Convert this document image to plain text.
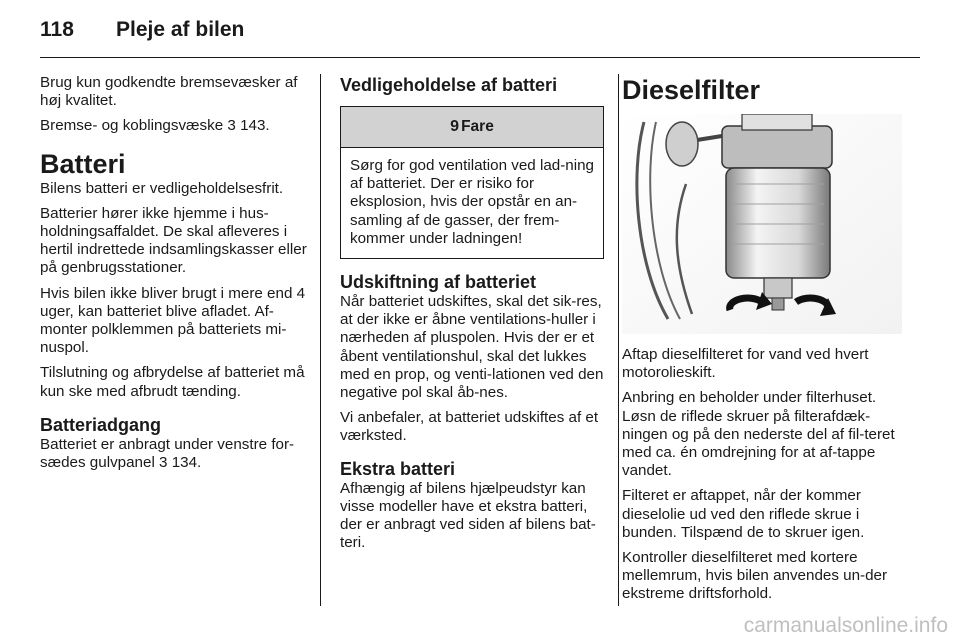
118 Pleje af bilen

Brug kun godkendte bremsevæsker af høj kvalitet.

Bremse- og koblingsvæske 3 143.

Batteri

Bilens batteri er vedligeholdelsesfrit.

Batterier hører ikke hjemme i hus-holdningsaffaldet. De skal afleveres i hertil indrettede indsamlingskasser eller på genbrugsstationer.

Hvis bilen ikke bliver brugt i mere end 4 uger, kan batteriet blive afladet. Af-monter polklemmen på batteriets mi-nuspol.

Tilslutning og afbrydelse af batteriet må kun ske med afbrudt tænding.

Batteriadgang

Batteriet er anbragt under venstre for-sædes gulvpanel 3 134.

Vedligeholdelse af batteri
9 Fare
Sørg for god ventilation ved lad-ning af batteriet. Der er risiko for eksplosion, hvis der opstår en an-samling af de gasser, der frem-kommer under ladningen!
Udskiftning af batteriet

Når batteriet udskiftes, skal det sik-res, at der ikke er åbne ventilations-huller i nærheden af pluspolen. Hvis der er et åbent ventilationshul, skal det lukkes med en prop, og venti-lationen ved den negative pol skal åb-nes.

Vi anbefaler, at batteriet udskiftes af et værksted.

Ekstra batteri

Afhængig af bilens hjælpeudstyr kan visse modeller have et ekstra batteri, der er anbragt ved siden af bilens bat-teri.

Dieselfilter

Aftap dieselfilteret for vand ved hvert motorolieskift.

Anbring en beholder under filterhuset. Løsn de riflede skruer på filterafdæk-ningen og på den nederste del af fil-teret med ca. én omdrejning for at af-tappe vandet.

Filteret er aftappet, når der kommer dieselolie ud ved den riflede skrue i bunden. Tilspænd de to skruer igen.

Kontroller dieselfilteret med kortere mellemrum, hvis bilen anvendes un-der ekstreme driftsforhold.

carmanualsonline.info
